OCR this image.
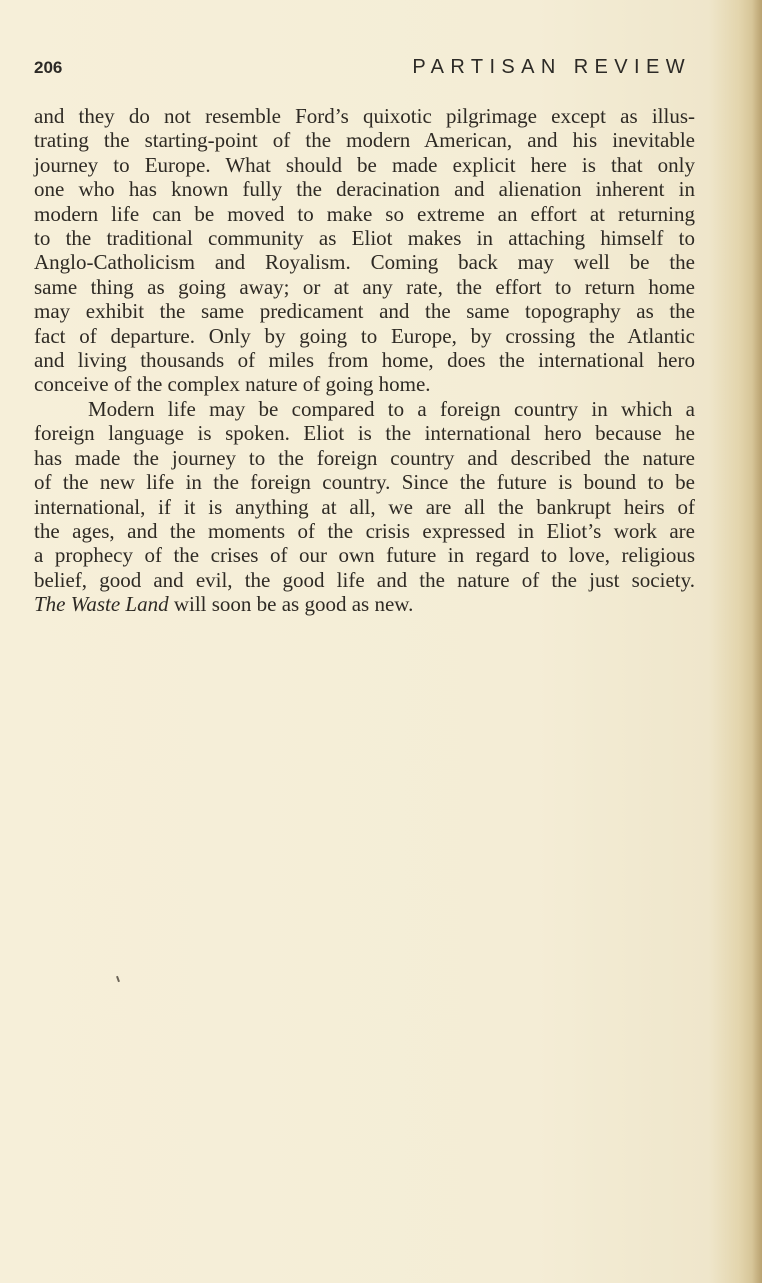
206	PARTISAN REVIEW
and they do not resemble Ford’s quixotic pilgrimage except as illus-
trating the starting-point of the modern American, and his inevitable
journey to Europe. What should be made explicit here is that only
one who has known fully the deracination and alienation inherent in
modern life can be moved to make so extreme an effort at returning
to the traditional community as Eliot makes in attaching himself to
Anglo-Catholicism and Royalism. Coming back may well be the
same thing as going away; or at any rate, the effort to return home
may exhibit the same predicament and the same topography as the
fact of departure. Only by going to Europe, by crossing the Atlantic
and living thousands of miles from home, does the international hero
conceive of the complex nature of going home.
Modern life may be compared to a foreign country in which a
foreign language is spoken. Eliot is the international hero because he
has made the journey to the foreign country and described the nature
of the new life in the foreign country. Since the future is bound to be
international, if it is anything at all, we are all the bankrupt heirs of
the ages, and the moments of the crisis expressed in Eliot’s work are
a prophecy of the crises of our own future in regard to love, religious
belief, good and evil, the good life and the nature of the just society.
The Waste Land will soon be as good as new.
